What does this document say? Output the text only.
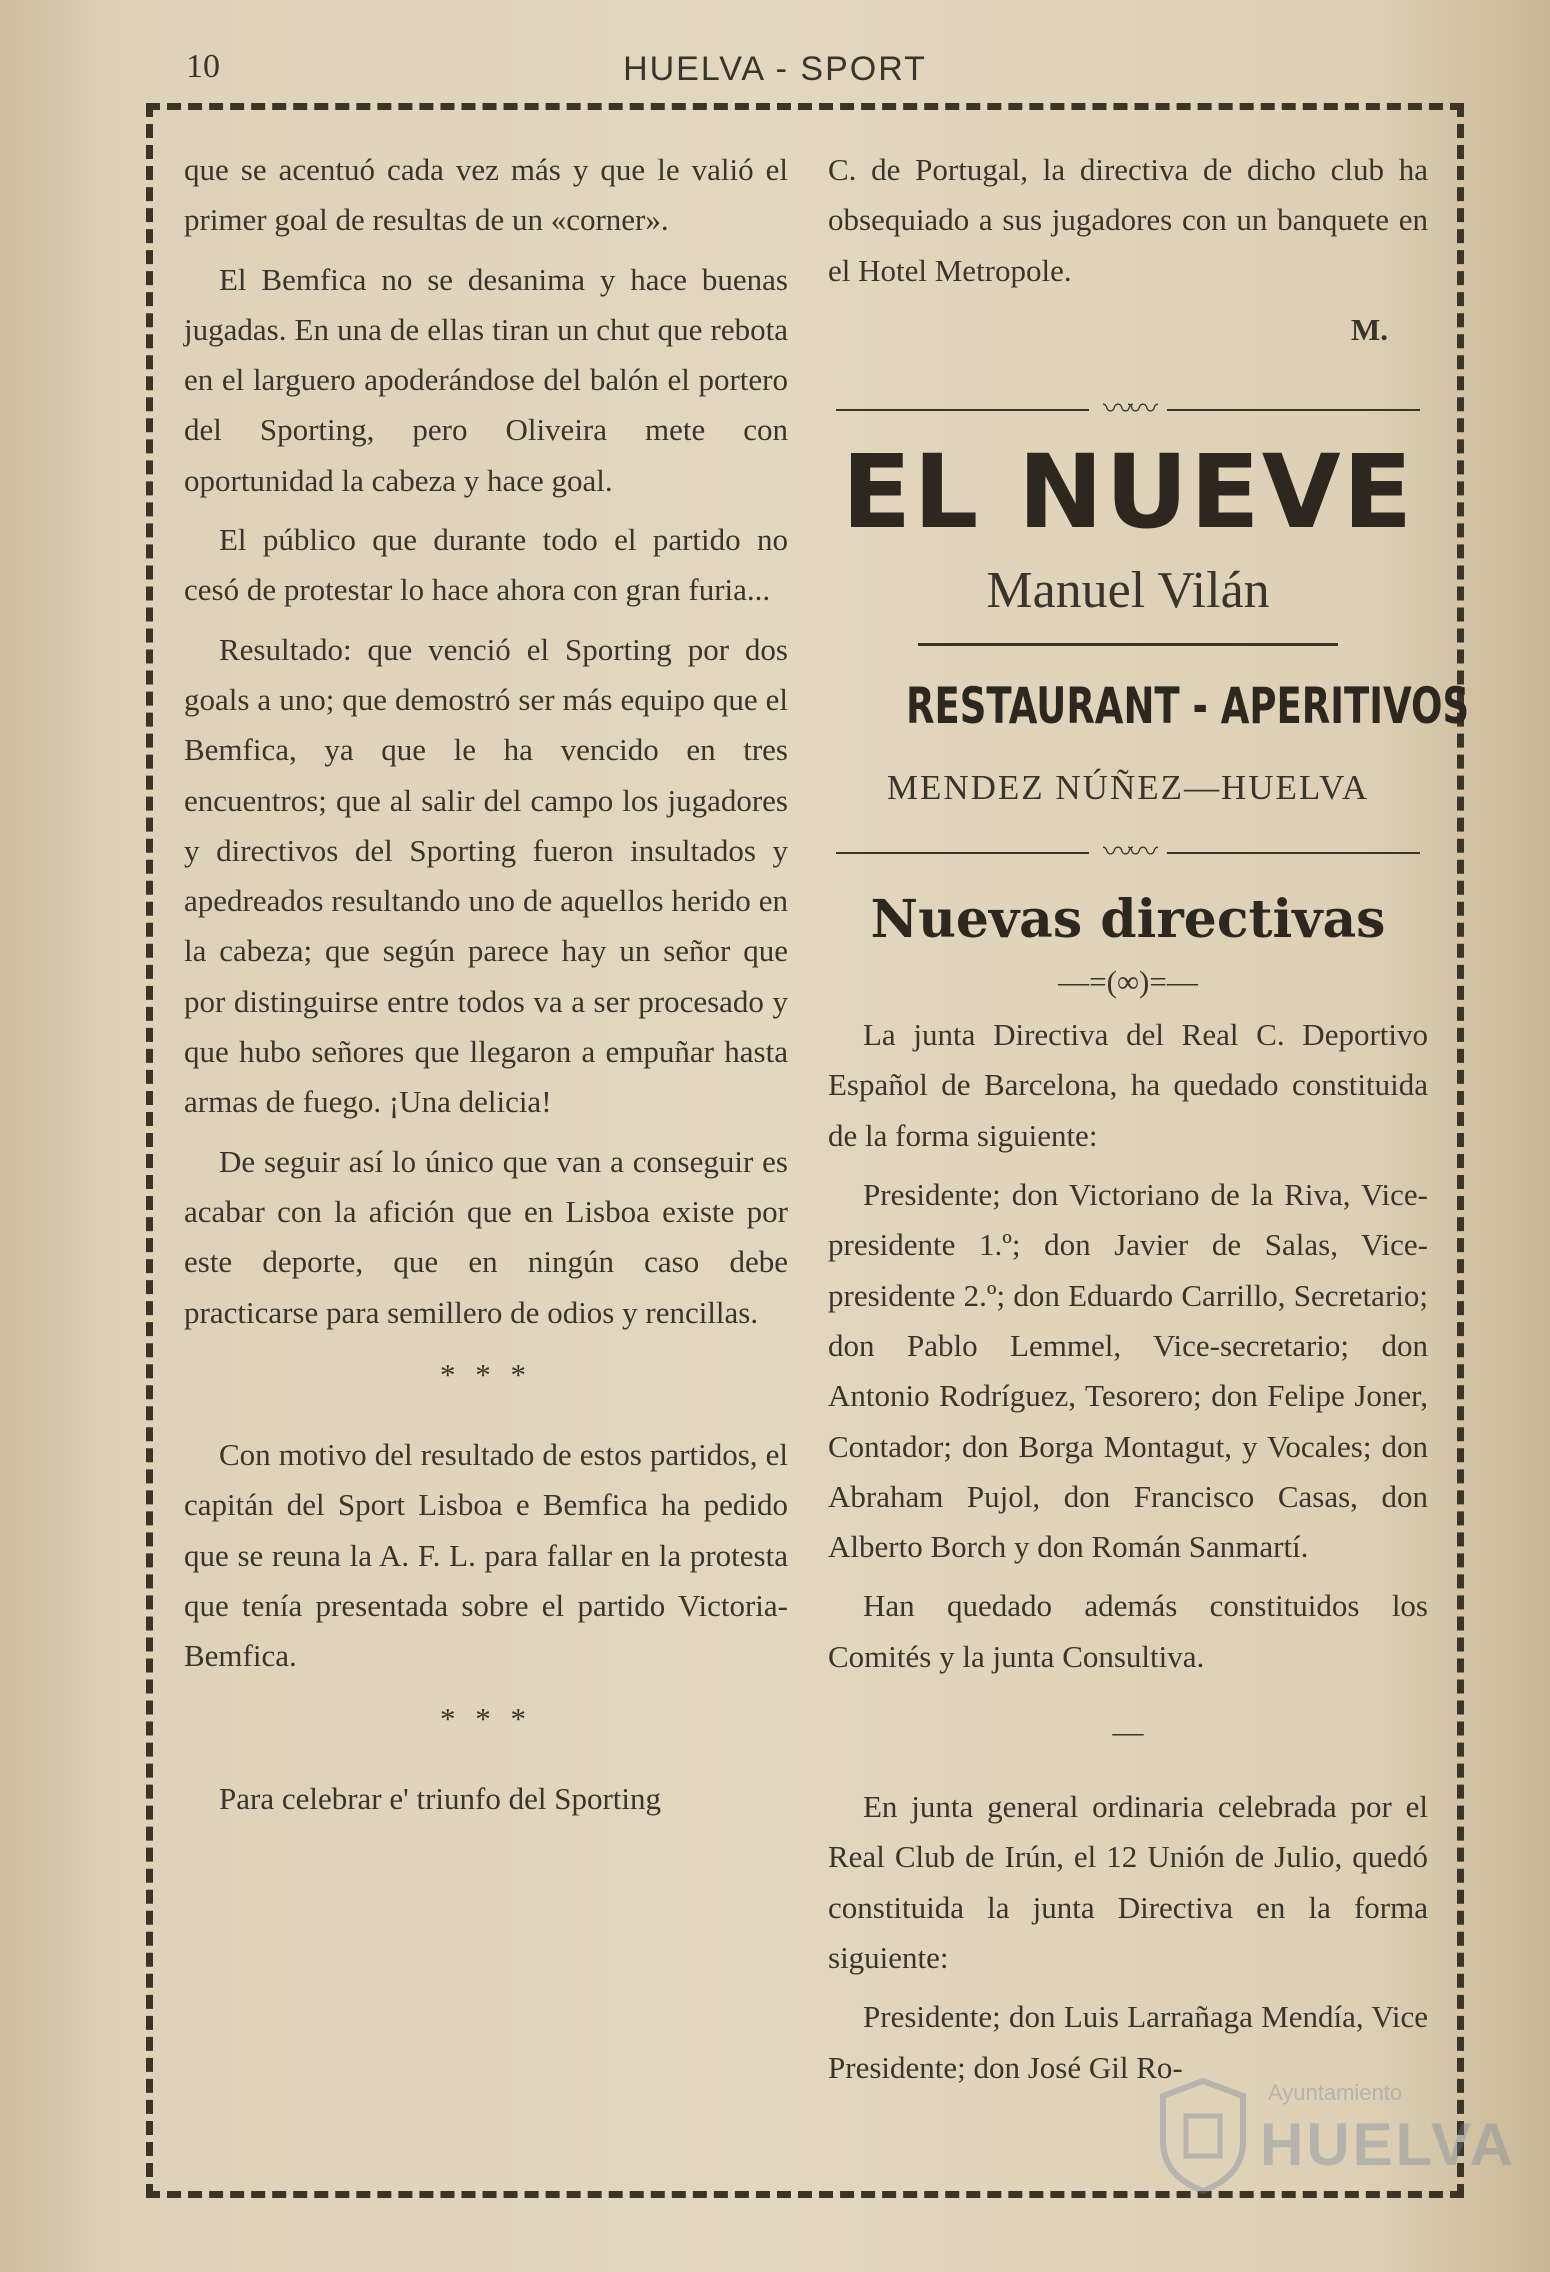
10	HUELVA - SPORT

que se acentuó cada vez más y que le valió el primer goal de resultas de un «corner».

El Bemfica no se desanima y hace buenas jugadas. En una de ellas tiran un chut que rebota en el larguero apoderándose del balón el portero del Sporting, pero Oliveira mete con oportunidad la cabeza y hace goal.

El público que durante todo el partido no cesó de protestar lo hace ahora con gran furia...

Resultado: que venció el Sporting por dos goals a uno; que demostró ser más equipo que el Bemfica, ya que le ha vencido en tres encuentros; que al salir del campo los jugadores y directivos del Sporting fueron insultados y apedreados resultando uno de aquellos herido en la cabeza; que según parece hay un señor que por distinguirse entre todos va a ser procesado y que hubo señores que llegaron a empuñar hasta armas de fuego. ¡Una delicia!

De seguir así lo único que van a conseguir es acabar con la afición que en Lisboa existe por este deporte, que en ningún caso debe practicarse para semillero de odios y rencillas.

* * *

Con motivo del resultado de estos partidos, el capitán del Sport Lisboa e Bemfica ha pedido que se reuna la A. F. L. para fallar en la protesta que tenía presentada sobre el partido Victoria-Bemfica.

* * *

Para celebrar e' triunfo del Sporting

C. de Portugal, la directiva de dicho club ha obsequiado a sus jugadores con un banquete en el Hotel Metropole.

M.
〰〰
EL NUEVE
Manuel Vilán
RESTAURANT - APERITIVOS
MENDEZ NÚÑEZ—HUELVA
〰〰
Nuevas directivas
—=(∞)=—

La junta Directiva del Real C. Deportivo Español de Barcelona, ha quedado constituida de la forma siguiente:

Presidente; don Victoriano de la Riva, Vice-presidente 1.º; don Javier de Salas, Vice-presidente 2.º; don Eduardo Carrillo, Secretario; don Pablo Lemmel, Vice-secretario; don Antonio Rodríguez, Tesorero; don Felipe Joner, Contador; don Borga Montagut, y Vocales; don Abraham Pujol, don Francisco Casas, don Alberto Borch y don Román Sanmartí.

Han quedado además constituidos los Comités y la junta Consultiva.

—

En junta general ordinaria celebrada por el Real Club de Irún, el 12 Unión de Julio, quedó constituida la junta Directiva en la forma siguiente:

Presidente; don Luis Larrañaga Mendía, Vice Presidente; don José Gil Ro-

Ayuntamiento
HUELVA
